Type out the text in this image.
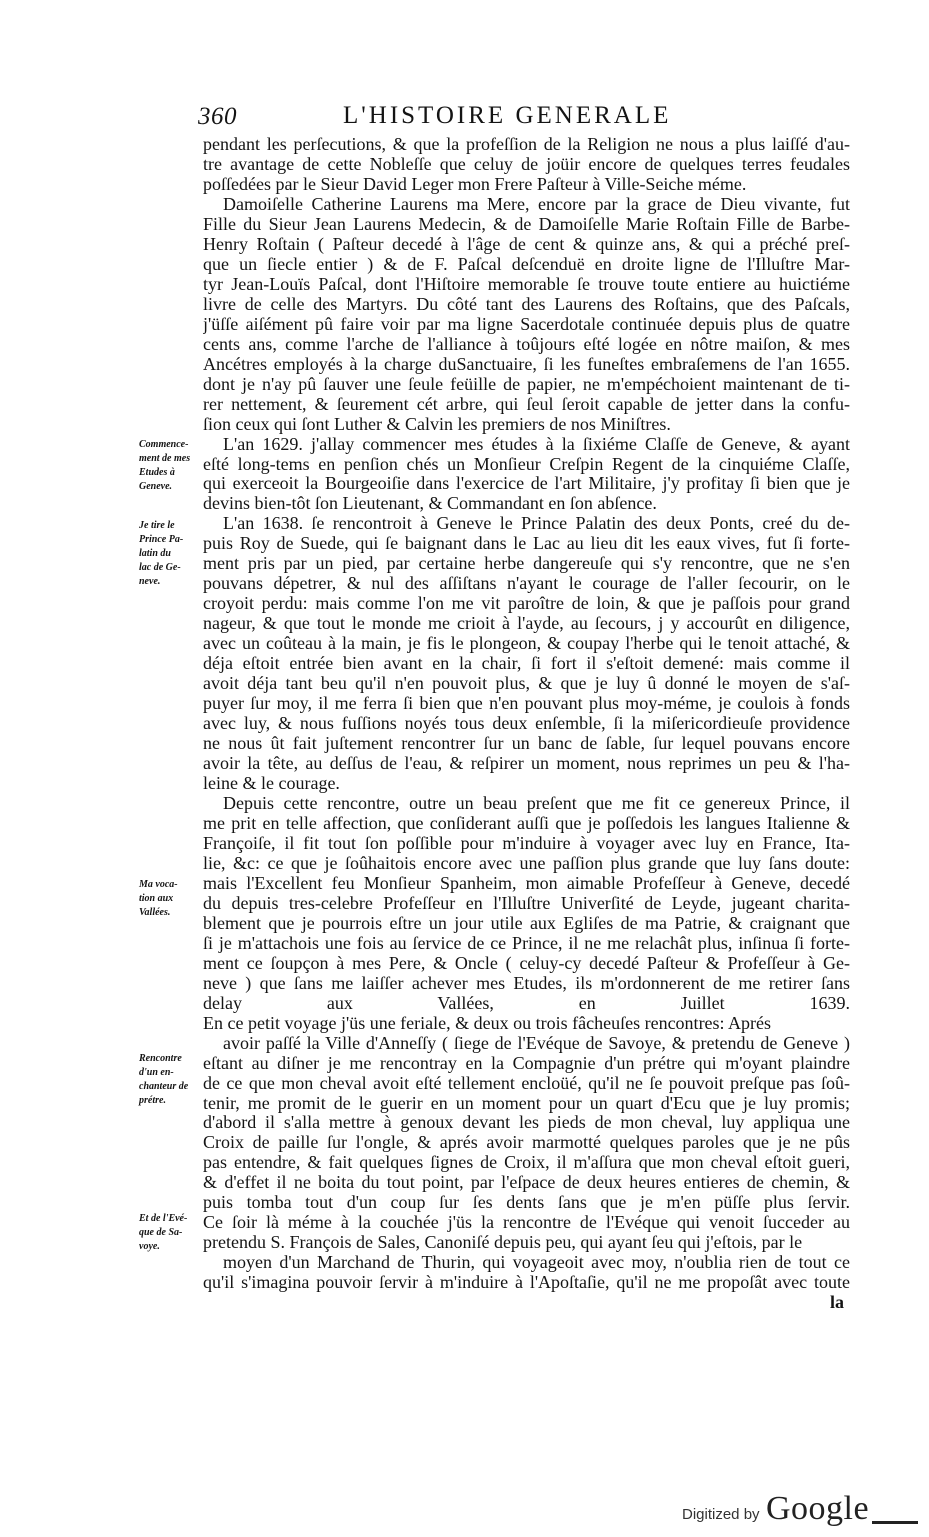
360	L'HISTOIRE GENERALE
pendant les perſecutions, & que la profeſſion de la Religion ne nous a plus laiſſé d'au-
tre avantage de cette Nobleſſe que celuy de joüir encore de quelques terres feudales
poſſedées par le Sieur David Leger mon Frere Paſteur à Ville-Seiche méme.
Damoiſelle Catherine Laurens ma Mere, encore par la grace de Dieu vivante, fut
Fille du Sieur Jean Laurens Medecin, & de Damoiſelle Marie Roſtain Fille de Barbe-
Henry Roſtain ( Paſteur decedé à l'âge de cent & quinze ans, & qui a préché preſ-
que un ſiecle entier ) & de F. Paſcal deſcenduë en droite ligne de l'Illuſtre Mar-
tyr Jean-Louïs Paſcal, dont l'Hiſtoire memorable ſe trouve toute entiere au huictiéme
livre de celle des Martyrs. Du côté tant des Laurens des Roſtains, que des Paſcals,
j'üſſe aiſément pû faire voir par ma ligne Sacerdotale continuée depuis plus de quatre
cents ans, comme l'arche de l'alliance à toûjours eſté logée en nôtre maiſon, & mes
Ancétres employés à la charge duSanctuaire, ſi les funeſtes embraſemens de l'an 1655.
dont je n'ay pû ſauver une ſeule feüille de papier, ne m'empéchoient maintenant de ti-
rer nettement, & ſeurement cét arbre, qui ſeul ſeroit capable de jetter dans la confu-
ſion ceux qui ſont Luther & Calvin les premiers de nos Miniſtres.
L'an 1629. j'allay commencer mes études à la ſixiéme Claſſe de Geneve, & ayant
eſté long-tems en penſion chés un Monſieur Creſpin Regent de la cinquiéme Claſſe,
qui exerceoit la Bourgeoiſie dans l'exercice de l'art Militaire, j'y profitay ſi bien que je
devins bien-tôt ſon Lieutenant, & Commandant en ſon abſence.
L'an 1638. ſe rencontroit à Geneve le Prince Palatin des deux Ponts, creé du de-
puis Roy de Suede, qui ſe baignant dans le Lac au lieu dit les eaux vives, fut ſi forte-
ment pris par un pied, par certaine herbe dangereuſe qui s'y rencontre, que ne s'en
pouvans dépetrer, & nul des aſſiſtans n'ayant le courage de l'aller ſecourir, on le
croyoit perdu: mais comme l'on me vit paroître de loin, & que je paſſois pour grand
nageur, & que tout le monde me crioit à l'ayde, au ſecours, j y accourût en diligence,
avec un coûteau à la main, je fis le plongeon, & coupay l'herbe qui le tenoit attaché, &
déja eſtoit entrée bien avant en la chair, ſi fort il s'eſtoit demené: mais comme il
avoit déja tant beu qu'il n'en pouvoit plus, & que je luy û donné le moyen de s'aſ-
puyer ſur moy, il me ferra ſi bien que n'en pouvant plus moy-méme, je coulois à fonds
avec luy, & nous fuſſions noyés tous deux enſemble, ſi la miſericordieuſe providence
ne nous ût fait juſtement rencontrer ſur un banc de ſable, ſur lequel pouvans encore
avoir la tête, au deſſus de l'eau, & reſpirer un moment, nous reprimes un peu & l'ha-
leine & le courage.
Depuis cette rencontre, outre un beau preſent que me fit ce genereux Prince, il
me prit en telle affection, que conſiderant auſſi que je poſſedois les langues Italienne &
Françoiſe, il fit tout ſon poſſible pour m'induire à voyager avec luy en France, Ita-
lie, &c: ce que je ſoûhaitois encore avec une paſſion plus grande que luy ſans doute:
mais l'Excellent feu Monſieur Spanheim, mon aimable Profeſſeur à Geneve, decedé
du depuis tres-celebre Profeſſeur en l'Illuſtre Univerſité de Leyde, jugeant charita-
blement que je pourrois eſtre un jour utile aux Egliſes de ma Patrie, & craignant que
ſi je m'attachois une fois au ſervice de ce Prince, il ne me relachât plus, inſinua ſi forte-
ment ce ſoupçon à mes Pere, & Oncle ( celuy-cy decedé Paſteur & Profeſſeur à Ge-
neve ) que ſans me laiſſer achever mes Etudes, ils m'ordonnerent de me retirer ſans
delay aux Vallées, en Juillet 1639.
En ce petit voyage j'üs une feriale, & deux ou trois fâcheuſes rencontres: Aprés
avoir paſſé la Ville d'Anneſſy ( ſiege de l'Evéque de Savoye, & pretendu de Geneve )
eſtant au diſner je me rencontray en la Compagnie d'un prétre qui m'oyant plaindre
de ce que mon cheval avoit eſté tellement encloüé, qu'il ne ſe pouvoit preſque pas ſoû-
tenir, me promit de le guerir en un moment pour un quart d'Ecu que je luy promis;
d'abord il s'alla mettre à genoux devant les pieds de mon cheval, luy appliqua une
Croix de paille ſur l'ongle, & aprés avoir marmotté quelques paroles que je ne pûs
pas entendre, & fait quelques ſignes de Croix, il m'aſſura que mon cheval eſtoit gueri,
& d'effet il ne boita du tout point, par l'eſpace de deux heures entieres de chemin, &
puis tomba tout d'un coup ſur ſes dents ſans que je m'en püſſe plus ſervir.
Ce ſoir là méme à la couchée j'üs la rencontre de l'Evéque qui venoit ſucceder au
pretendu S. François de Sales, Canoniſé depuis peu, qui ayant ſeu qui j'eſtois, par le
moyen d'un Marchand de Thurin, qui voyageoit avec moy, n'oublia rien de tout ce
qu'il s'imagina pouvoir ſervir à m'induire à l'Apoſtaſie, qu'il ne me propoſât avec toute
Commence-
ment de mes
Etudes à
Geneve.
Je tire le
Prince Pa-
latin du
lac de Ge-
neve.
Ma voca-
tion aux
Vallées.
Rencontre
d'un en-
chanteur de
prétre.
Et de l'Evé-
que de Sa-
voye.
la
Digitized by Google
